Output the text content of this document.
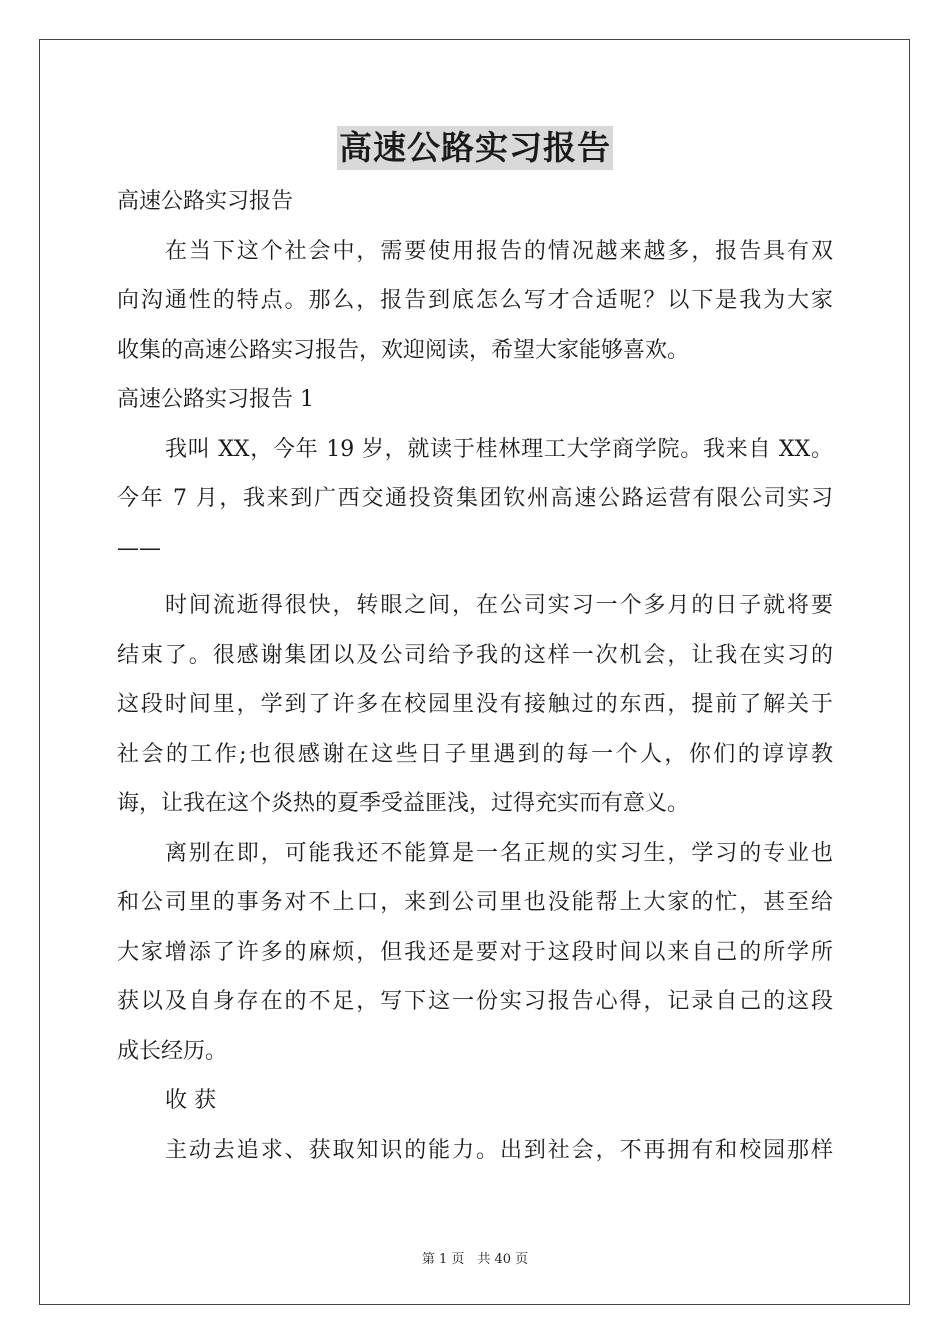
高速公路实习报告
高速公路实习报告
在当下这个社会中，需要使用报告的情况越来越多，报告具有双
向沟通性的特点。那么，报告到底怎么写才合适呢？以下是我为大家
收集的高速公路实习报告，欢迎阅读，希望大家能够喜欢。
高速公路实习报告 1
我叫 XX，今年 19 岁，就读于桂林理工大学商学院。我来自 XX。
今年 7 月，我来到广西交通投资集团钦州高速公路运营有限公司实习
——
时间流逝得很快，转眼之间，在公司实习一个多月的日子就将要
结束了。很感谢集团以及公司给予我的这样一次机会，让我在实习的
这段时间里，学到了许多在校园里没有接触过的东西，提前了解关于
社会的工作;也很感谢在这些日子里遇到的每一个人，你们的谆谆教
诲，让我在这个炎热的夏季受益匪浅，过得充实而有意义。
离别在即，可能我还不能算是一名正规的实习生，学习的专业也
和公司里的事务对不上口，来到公司里也没能帮上大家的忙，甚至给
大家增添了许多的麻烦，但我还是要对于这段时间以来自己的所学所
获以及自身存在的不足，写下这一份实习报告心得，记录自己的这段
成长经历。
收 获
主动去追求、获取知识的能力。出到社会，不再拥有和校园那样
第 1 页　共 40 页
